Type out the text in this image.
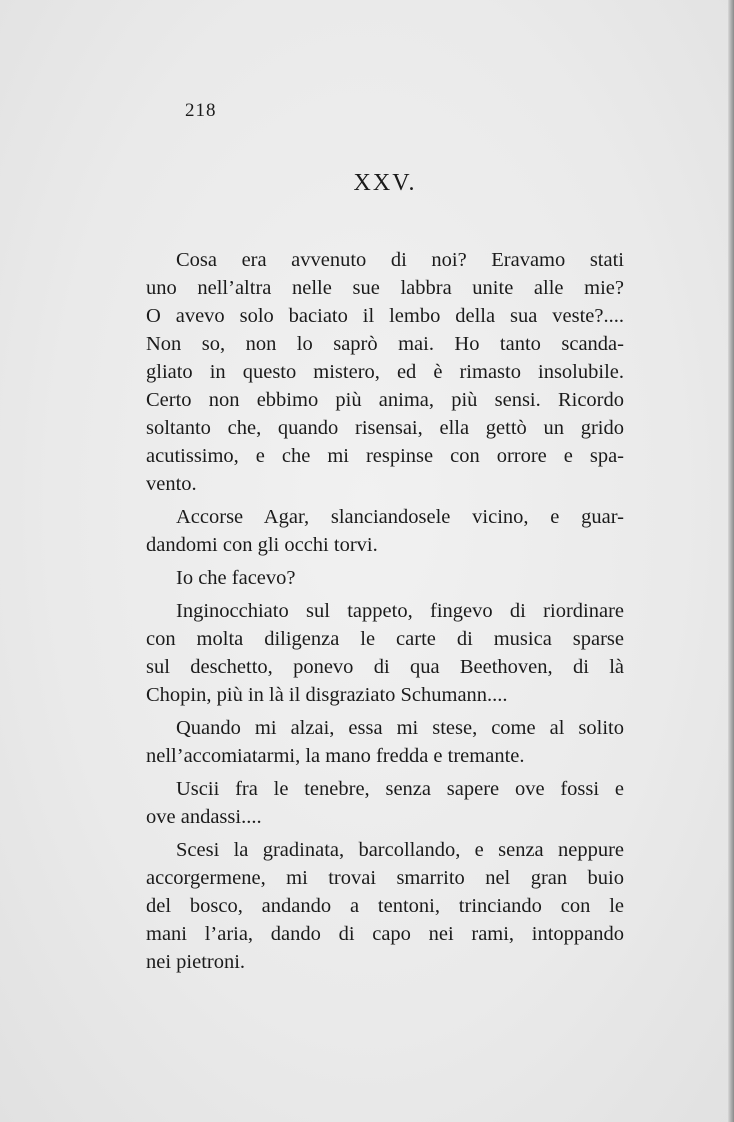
218

XXV.

Cosa era avvenuto di noi? Eravamo stati
uno nell’altra nelle sue labbra unite alle mie?
O avevo solo baciato il lembo della sua veste?....
Non so, non lo saprò mai. Ho tanto scanda-
gliato in questo mistero, ed è rimasto insolubile.
Certo non ebbimo più anima, più sensi. Ricordo
soltanto che, quando risensai, ella gettò un grido
acutissimo, e che mi respinse con orrore e spa-
vento.

Accorse Agar, slanciandosele vicino, e guar-
dandomi con gli occhi torvi.

Io che facevo?

Inginocchiato sul tappeto, fingevo di riordinare
con molta diligenza le carte di musica sparse
sul deschetto, ponevo di qua Beethoven, di là
Chopin, più in là il disgraziato Schumann....

Quando mi alzai, essa mi stese, come al solito
nell’accomiatarmi, la mano fredda e tremante.

Uscii fra le tenebre, senza sapere ove fossi e
ove andassi....

Scesi la gradinata, barcollando, e senza neppure
accorgermene, mi trovai smarrito nel gran buio
del bosco, andando a tentoni, trinciando con le
mani l’aria, dando di capo nei rami, intoppando
nei pietroni.
